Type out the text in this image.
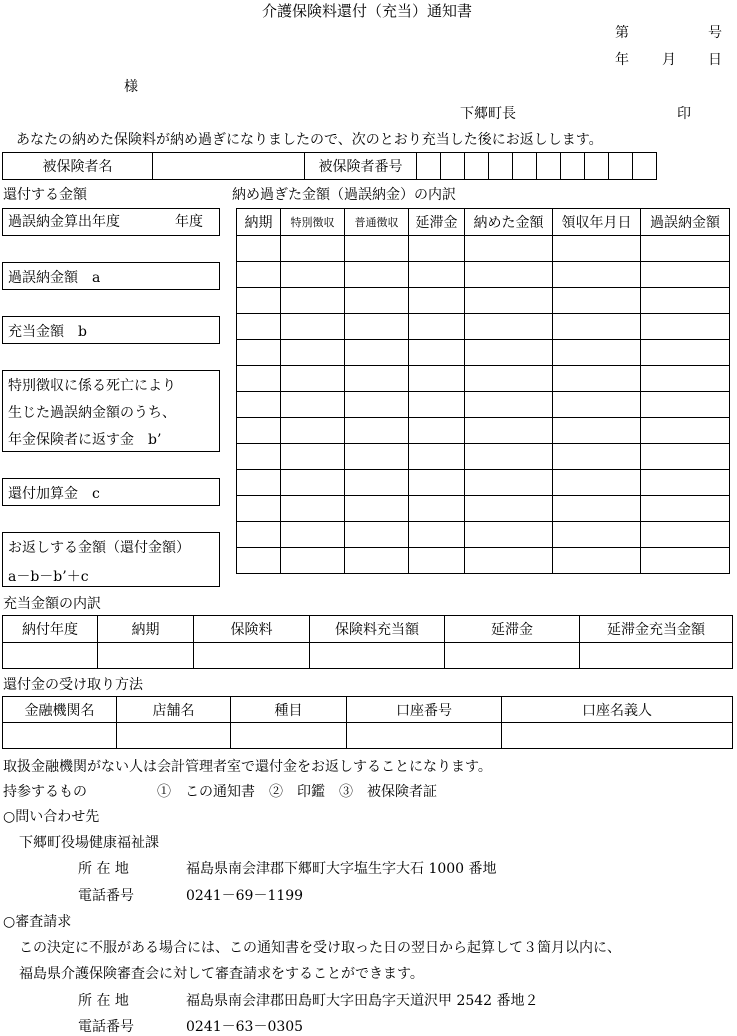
介護保険料還付（充当）通知書
第	号
年 月 日
様
下郷町長	印
あなたの納めた保険料が納め過ぎになりましたので、次のとおり充当した後にお返しします。
被保険者名		被保険者番号										
還付する金額	納め過ぎた金額（過誤納金）の内訳
過誤納金算出年度	年度
過誤納金額　a
充当金額　b
特別徴収に係る死亡により
生じた過誤納金額のうち、
年金保険者に返す金　b’
還付加算金　c
お返しする金額（還付金額）
a－b－b’＋c
納期	特別徴収	普通徴収	延滞金	納めた金額	領収年月日	過誤納金額

充当金額の内訳
納付年度	納期	保険料	保険料充当額	延滞金	延滞金充当金額

還付金の受け取り方法
金融機関名	店舗名	種目	口座番号	口座名義人

取扱金融機関がない人は会計管理者室で還付金をお返しすることになります。
持参するもの	①　この通知書　②　印鑑　③　被保険者証
○問い合わせ先
下郷町役場健康福祉課
所 在 地	福島県南会津郡下郷町大字塩生字大石 1000 番地
電話番号	0241－69－1199
○審査請求
この決定に不服がある場合には、この通知書を受け取った日の翌日から起算して３箇月以内に、
福島県介護保険審査会に対して審査請求をすることができます。
所 在 地	福島県南会津郡田島町大字田島字天道沢甲 2542 番地２
電話番号	0241－63－0305
